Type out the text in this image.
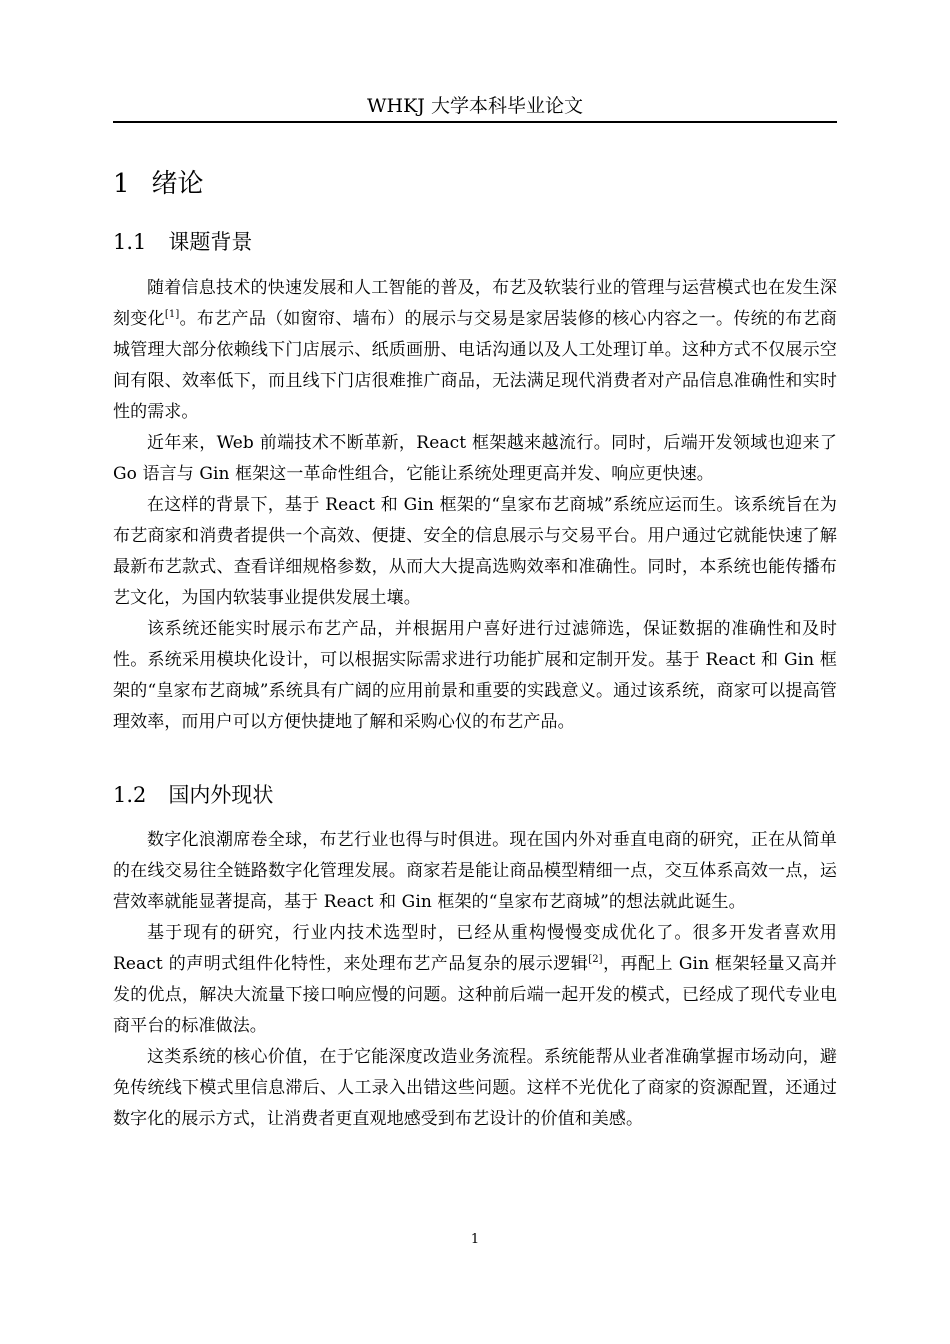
WHKJ 大学本科毕业论文
1 绪论
1.1 课题背景

随着信息技术的快速发展和人工智能的普及，布艺及软装行业的管理与运营模式也在发生深刻变化[1]。布艺产品（如窗帘、墙布）的展示与交易是家居装修的核心内容之一。传统的布艺商城管理大部分依赖线下门店展示、纸质画册、电话沟通以及人工处理订单。这种方式不仅展示空间有限、效率低下，而且线下门店很难推广商品，无法满足现代消费者对产品信息准确性和实时性的需求。

近年来，Web 前端技术不断革新，React 框架越来越流行。同时，后端开发领域也迎来了 Go 语言与 Gin 框架这一革命性组合，它能让系统处理更高并发、响应更快速。

在这样的背景下，基于 React 和 Gin 框架的“皇家布艺商城”系统应运而生。该系统旨在为布艺商家和消费者提供一个高效、便捷、安全的信息展示与交易平台。用户通过它就能快速了解最新布艺款式、查看详细规格参数，从而大大提高选购效率和准确性。同时，本系统也能传播布艺文化，为国内软装事业提供发展土壤。

该系统还能实时展示布艺产品，并根据用户喜好进行过滤筛选，保证数据的准确性和及时性。系统采用模块化设计，可以根据实际需求进行功能扩展和定制开发。基于 React 和 Gin 框架的“皇家布艺商城”系统具有广阔的应用前景和重要的实践意义。通过该系统，商家可以提高管理效率，而用户可以方便快捷地了解和采购心仪的布艺产品。

1.2 国内外现状

数字化浪潮席卷全球，布艺行业也得与时俱进。现在国内外对垂直电商的研究，正在从简单的在线交易往全链路数字化管理发展。商家若是能让商品模型精细一点，交互体系高效一点，运营效率就能显著提高，基于 React 和 Gin 框架的“皇家布艺商城”的想法就此诞生。

基于现有的研究，行业内技术选型时，已经从重构慢慢变成优化了。很多开发者喜欢用 React 的声明式组件化特性，来处理布艺产品复杂的展示逻辑[2]，再配上 Gin 框架轻量又高并发的优点，解决大流量下接口响应慢的问题。这种前后端一起开发的模式，已经成了现代专业电商平台的标准做法。

这类系统的核心价值，在于它能深度改造业务流程。系统能帮从业者准确掌握市场动向，避免传统线下模式里信息滞后、人工录入出错这些问题。这样不光优化了商家的资源配置，还通过数字化的展示方式，让消费者更直观地感受到布艺设计的价值和美感。

1
